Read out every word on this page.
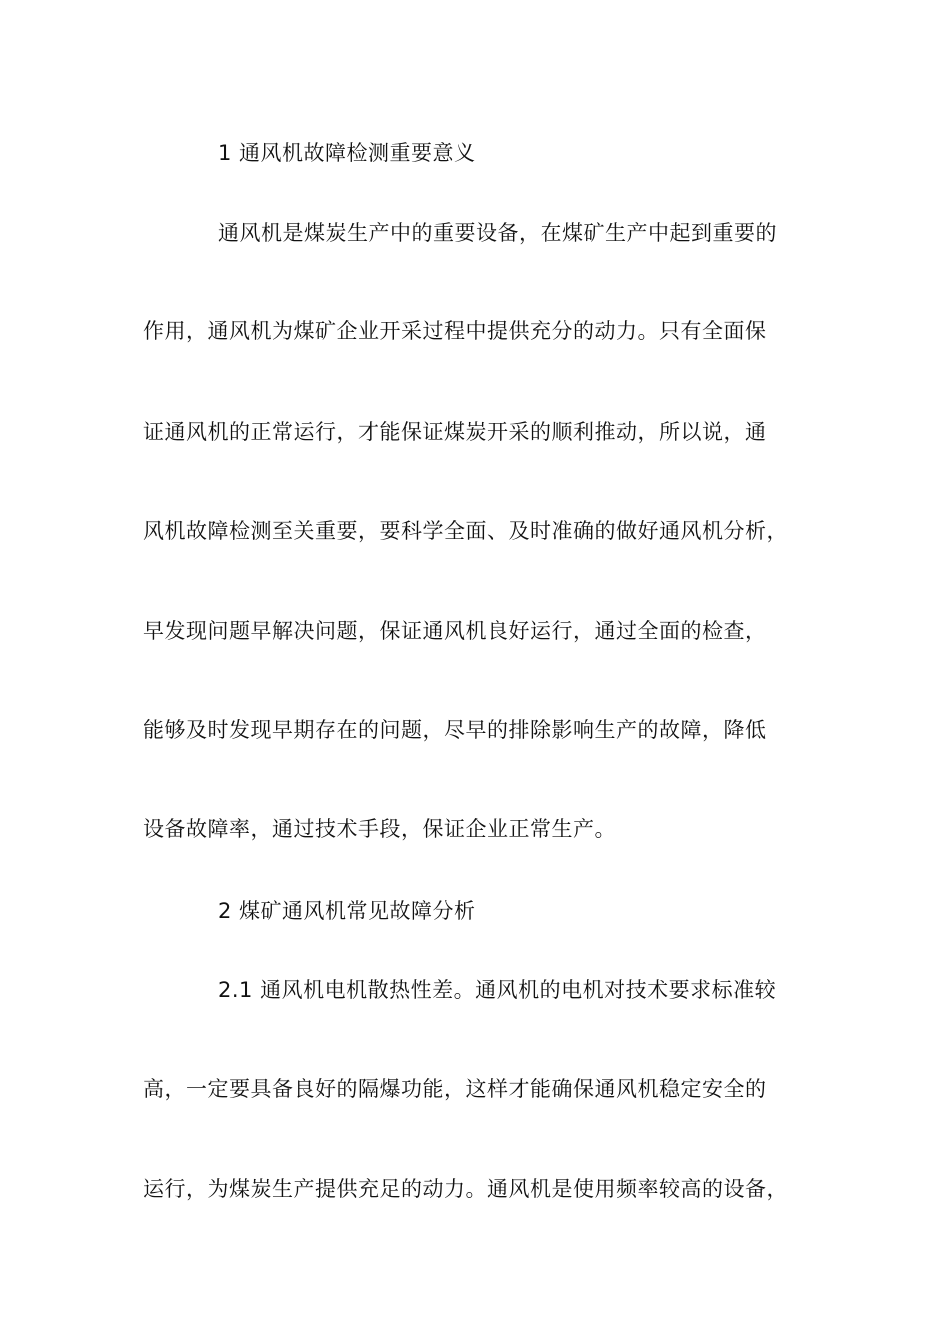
1 通风机故障检测重要意义
通风机是煤炭生产中的重要设备，在煤矿生产中起到重要的
作用，通风机为煤矿企业开采过程中提供充分的动力。只有全面保
证通风机的正常运行，才能保证煤炭开采的顺利推动，所以说，通
风机故障检测至关重要，要科学全面、及时准确的做好通风机分析，
早发现问题早解决问题，保证通风机良好运行，通过全面的检查，
能够及时发现早期存在的问题，尽早的排除影响生产的故障，降低
设备故障率，通过技术手段，保证企业正常生产。
2 煤矿通风机常见故障分析
2.1 通风机电机散热性差。通风机的电机对技术要求标准较
高，一定要具备良好的隔爆功能，这样才能确保通风机稳定安全的
运行，为煤炭生产提供充足的动力。通风机是使用频率较高的设备，
